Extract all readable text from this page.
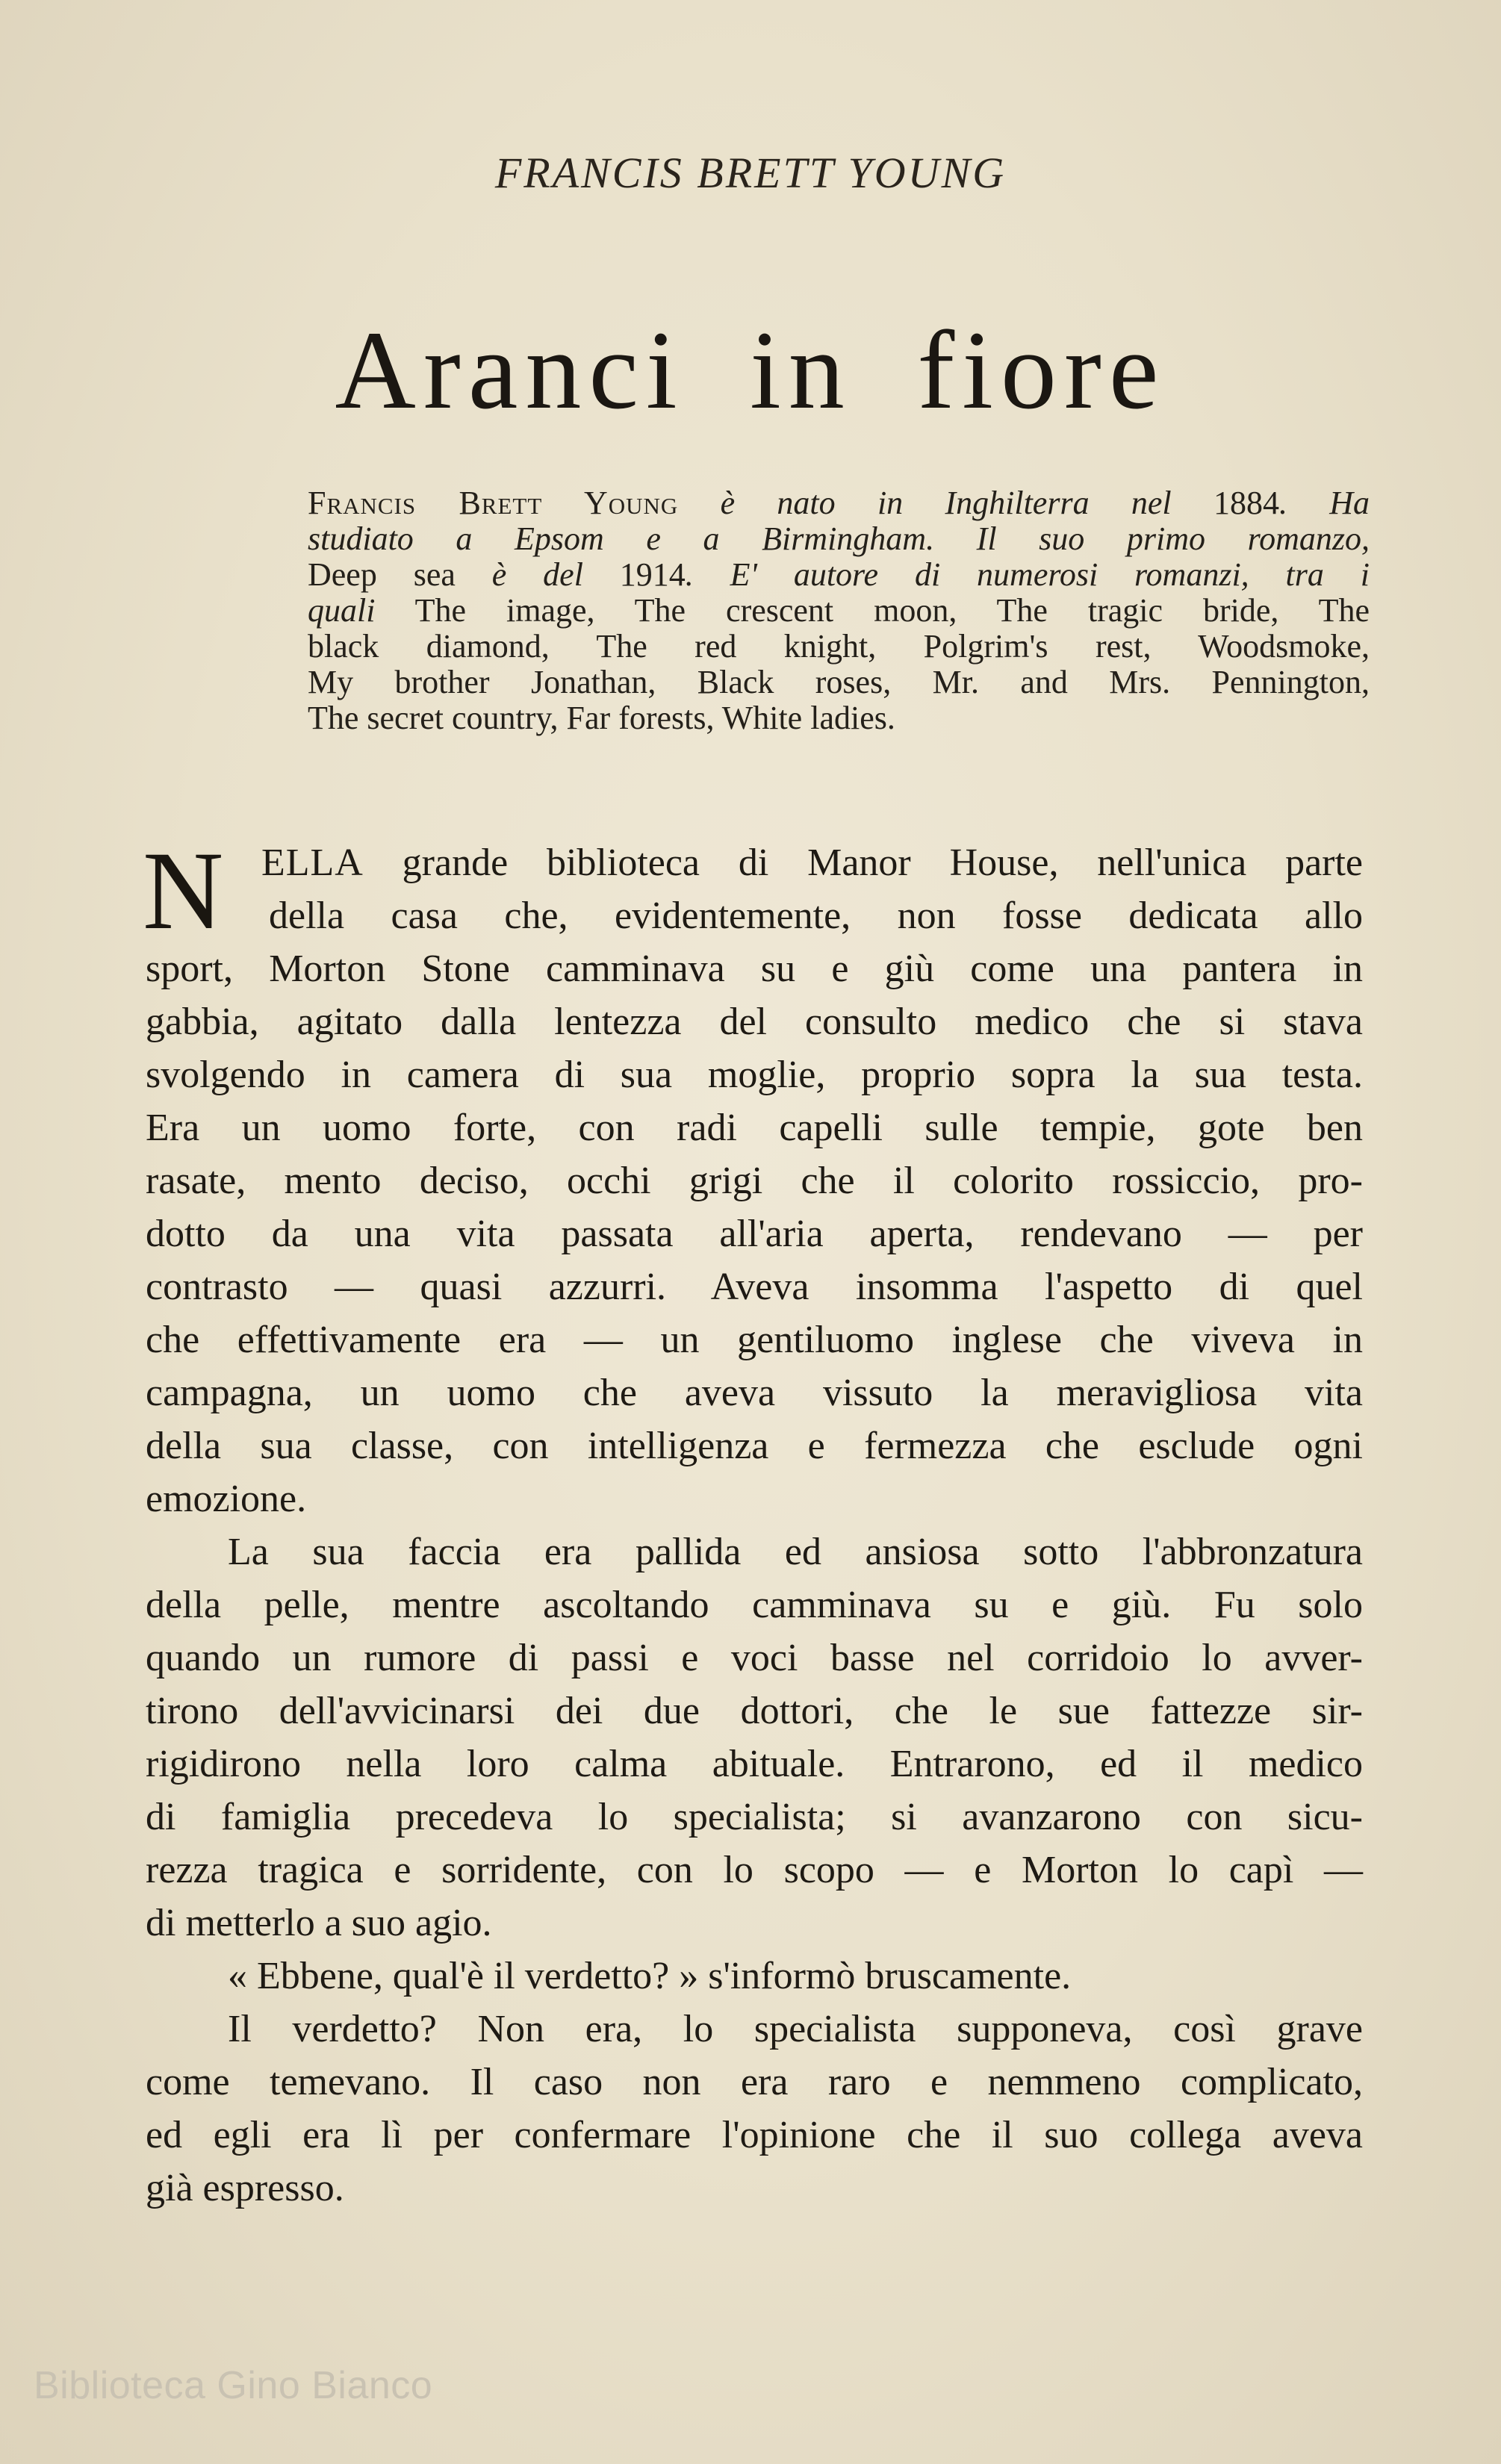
FRANCIS BRETT YOUNG
Aranci in fiore
Francis Brett Young è nato in Inghilterra nel 1884. Ha
studiato a Epsom e a Birmingham. Il suo primo romanzo,
Deep sea è del 1914. E' autore di numerosi romanzi, tra i
quali The image, The crescent moon, The tragic bride, The
black diamond, The red knight, Polgrim's rest, Woodsmoke,
My brother Jonathan, Black roses, Mr. and Mrs. Pennington,
The secret country, Far forests, White ladies.
N ELLA grande biblioteca di Manor House, nell'unica parte
della casa che, evidentemente, non fosse dedicata allo
sport, Morton Stone camminava su e giù come una pantera in
gabbia, agitato dalla lentezza del consulto medico che si stava
svolgendo in camera di sua moglie, proprio sopra la sua testa.
Era un uomo forte, con radi capelli sulle tempie, gote ben
rasate, mento deciso, occhi grigi che il colorito rossiccio, pro-
dotto da una vita passata all'aria aperta, rendevano — per
contrasto — quasi azzurri. Aveva insomma l'aspetto di quel
che effettivamente era — un gentiluomo inglese che viveva in
campagna, un uomo che aveva vissuto la meravigliosa vita
della sua classe, con intelligenza e fermezza che esclude ogni
emozione.
La sua faccia era pallida ed ansiosa sotto l'abbronzatura
della pelle, mentre ascoltando camminava su e giù. Fu solo
quando un rumore di passi e voci basse nel corridoio lo avver-
tirono dell'avvicinarsi dei due dottori, che le sue fattezze sir-
rigidirono nella loro calma abituale. Entrarono, ed il medico
di famiglia precedeva lo specialista; si avanzarono con sicu-
rezza tragica e sorridente, con lo scopo — e Morton lo capì —
di metterlo a suo agio.
« Ebbene, qual'è il verdetto? » s'informò bruscamente.
Il verdetto? Non era, lo specialista supponeva, così grave
come temevano. Il caso non era raro e nemmeno complicato,
ed egli era lì per confermare l'opinione che il suo collega aveva
già espresso.
Biblioteca Gino Bianco
